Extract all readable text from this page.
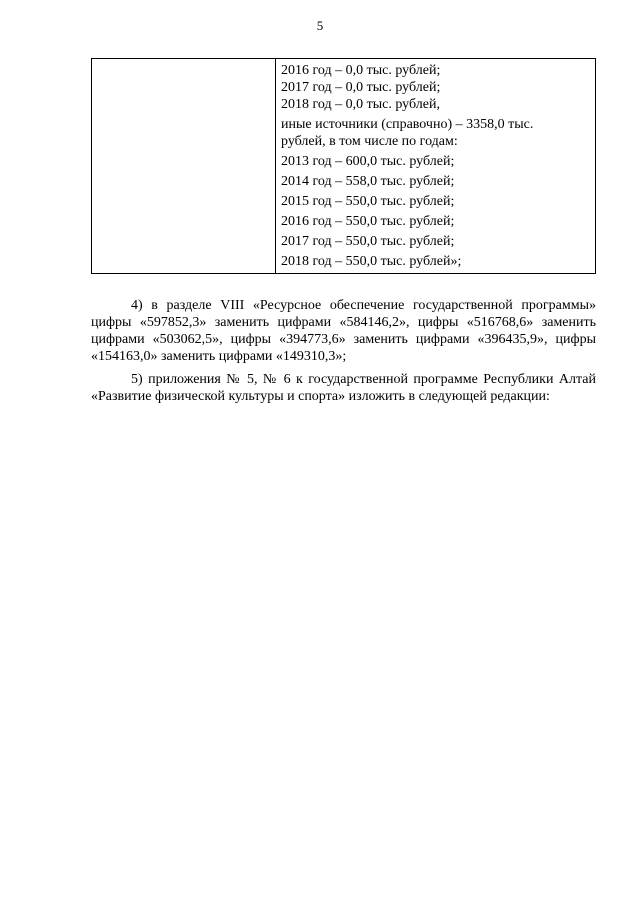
5
2016 год – 0,0 тыс. рублей;
2017 год – 0,0 тыс. рублей;
2018 год – 0,0 тыс. рублей,
иные источники (справочно) – 3358,0 тыс.
рублей, в том числе по годам:
2013 год – 600,0 тыс. рублей;
2014 год – 558,0 тыс. рублей;
2015 год – 550,0 тыс. рублей;
2016 год – 550,0 тыс. рублей;
2017 год – 550,0 тыс. рублей;
2018 год – 550,0 тыс. рублей»;

4) в разделе VIII «Ресурсное обеспечение государственной программы» цифры «597852,3» заменить цифрами «584146,2», цифры «516768,6» заменить цифрами «503062,5», цифры «394773,6» заменить цифрами «396435,9», цифры «154163,0» заменить цифрами «149310,3»;

5) приложения № 5, № 6 к государственной программе Республики Алтай «Развитие физической культуры и спорта» изложить в следующей редакции:
